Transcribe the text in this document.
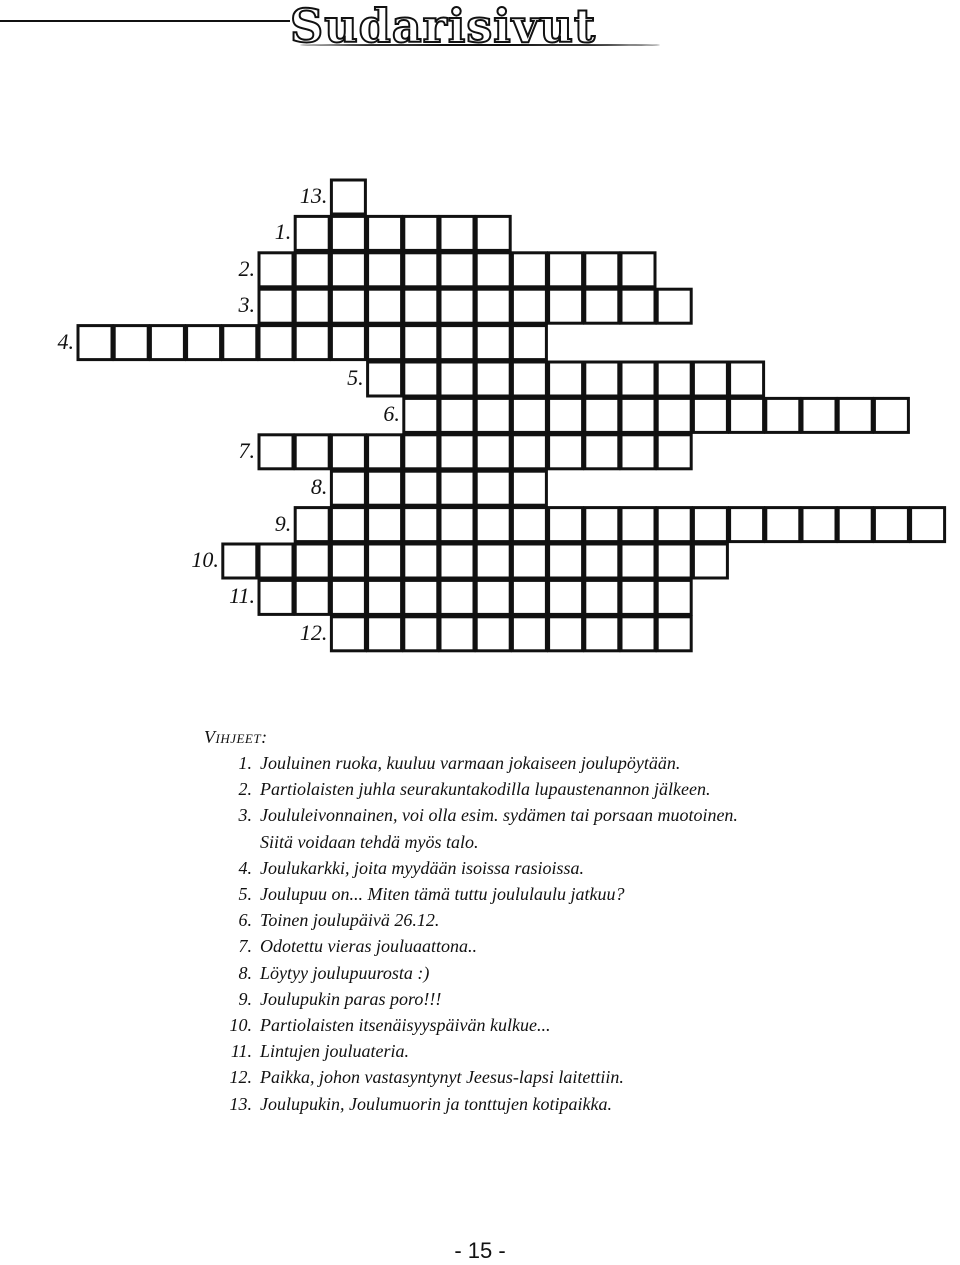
Sudarisivut
13.
1.
2.
3.
4.
5.
6.
7.
8.
9.
10.
11.
12.
Vihjeet:
1. Jouluinen ruoka, kuuluu varmaan jokaiseen joulupöytään.
2. Partiolaisten juhla seurakuntakodilla lupaustenannon jälkeen.
3. Joululeivonnainen, voi olla esim. sydämen tai porsaan muotoinen.
Siitä voidaan tehdä myös talo.
4. Joulukarkki, joita myydään isoissa rasioissa.
5. Joulupuu on... Miten tämä tuttu joululaulu jatkuu?
6. Toinen joulupäivä 26.12.
7. Odotettu vieras jouluaattona..
8. Löytyy joulupuurosta :)
9. Joulupukin paras poro!!!
10. Partiolaisten itsenäisyyspäivän kulkue...
11. Lintujen jouluateria.
12. Paikka, johon vastasyntynyt Jeesus-lapsi laitettiin.
13. Joulupukin, Joulumuorin ja tonttujen kotipaikka.
- 15 -
